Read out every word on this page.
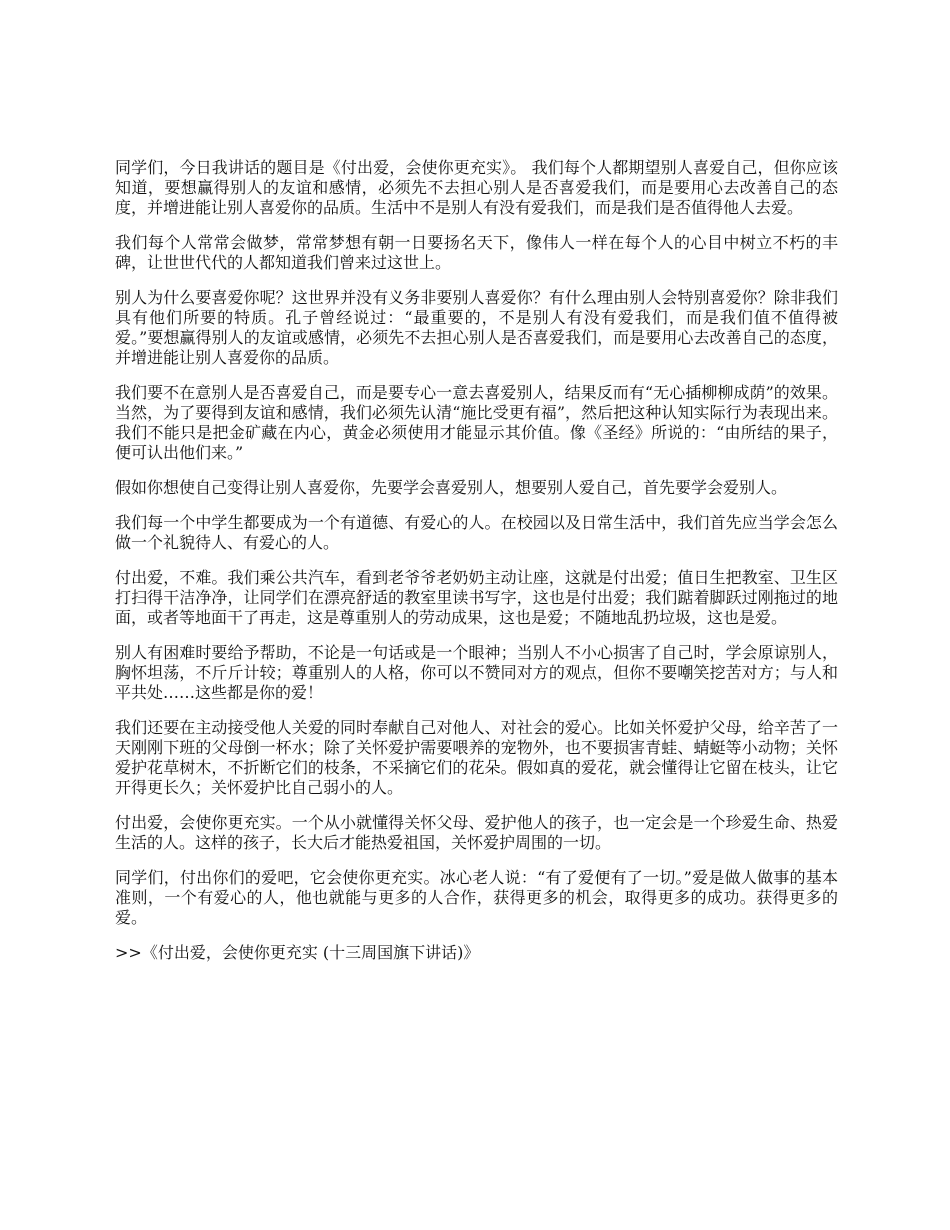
同学们，今日我讲话的题目是《付出爱，会使你更充实》。 我们每个人都期望别人喜爱自己，但你应该知道，要想赢得别人的友谊和感情，必须先不去担心别人是否喜爱我们，而是要用心去改善自己的态度，并增进能让别人喜爱你的品质。生活中不是别人有没有爱我们，而是我们是否值得他人去爱。

我们每个人常常会做梦，常常梦想有朝一日要扬名天下，像伟人一样在每个人的心目中树立不朽的丰碑，让世世代代的人都知道我们曾来过这世上。

别人为什么要喜爱你呢？这世界并没有义务非要别人喜爱你？有什么理由别人会特别喜爱你？除非我们具有他们所要的特质。孔子曾经说过：“最重要的，不是别人有没有爱我们，而是我们值不值得被爱。”要想赢得别人的友谊或感情，必须先不去担心别人是否喜爱我们，而是要用心去改善自己的态度，并增进能让别人喜爱你的品质。

我们要不在意别人是否喜爱自己，而是要专心一意去喜爱别人，结果反而有“无心插柳柳成荫”的效果。当然，为了要得到友谊和感情，我们必须先认清“施比受更有福”，然后把这种认知实际行为表现出来。我们不能只是把金矿藏在内心，黄金必须使用才能显示其价值。像《圣经》所说的：“由所结的果子，便可认出他们来。”

假如你想使自己变得让别人喜爱你，先要学会喜爱别人，想要别人爱自己，首先要学会爱别人。

我们每一个中学生都要成为一个有道德、有爱心的人。在校园以及日常生活中，我们首先应当学会怎么做一个礼貌待人、有爱心的人。

付出爱，不难。我们乘公共汽车，看到老爷爷老奶奶主动让座，这就是付出爱；值日生把教室、卫生区打扫得干洁净净，让同学们在漂亮舒适的教室里读书写字，这也是付出爱；我们踮着脚跃过刚拖过的地面，或者等地面干了再走，这是尊重别人的劳动成果，这也是爱；不随地乱扔垃圾，这也是爱。

别人有困难时要给予帮助，不论是一句话或是一个眼神；当别人不小心损害了自己时，学会原谅别人，胸怀坦荡，不斤斤计较；尊重别人的人格，你可以不赞同对方的观点，但你不要嘲笑挖苦对方；与人和平共处……这些都是你的爱！

我们还要在主动接受他人关爱的同时奉献自己对他人、对社会的爱心。比如关怀爱护父母，给辛苦了一天刚刚下班的父母倒一杯水；除了关怀爱护需要喂养的宠物外，也不要损害青蛙、蜻蜓等小动物；关怀爱护花草树木，不折断它们的枝条，不采摘它们的花朵。假如真的爱花，就会懂得让它留在枝头，让它开得更长久；关怀爱护比自己弱小的人。

付出爱，会使你更充实。一个从小就懂得关怀父母、爱护他人的孩子，也一定会是一个珍爱生命、热爱生活的人。这样的孩子，长大后才能热爱祖国，关怀爱护周围的一切。

同学们，付出你们的爱吧，它会使你更充实。冰心老人说：“有了爱便有了一切。”爱是做人做事的基本准则，一个有爱心的人，他也就能与更多的人合作，获得更多的机会，取得更多的成功。获得更多的爱。

>>《付出爱，会使你更充实 (十三周国旗下讲话)》
